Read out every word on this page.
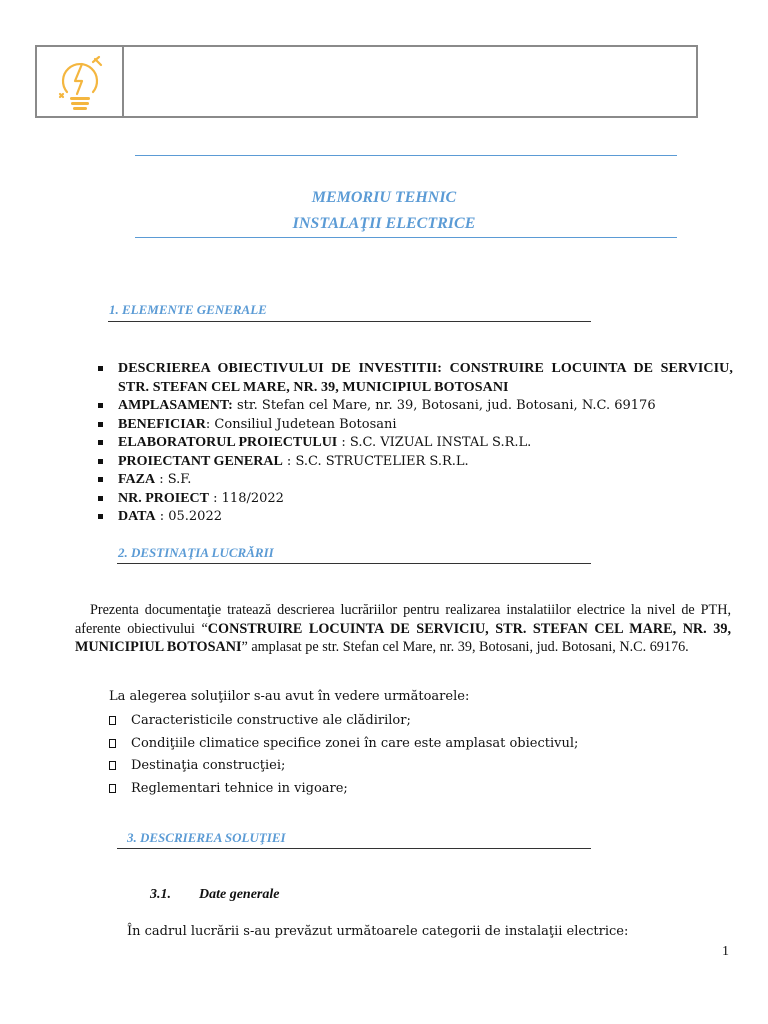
MEMORIU TEHNIC
INSTALAŢII ELECTRICE
1. ELEMENTE GENERALE
DESCRIEREA OBIECTIVULUI DE INVESTITII: CONSTRUIRE LOCUINTA DE SERVICIU, STR. STEFAN CEL MARE, NR. 39, MUNICIPIUL BOTOSANI
AMPLASAMENT: str. Stefan cel Mare, nr. 39, Botosani, jud. Botosani, N.C. 69176
BENEFICIAR: Consiliul Judetean Botosani
ELABORATORUL PROIECTULUI : S.C. VIZUAL INSTAL S.R.L.
PROIECTANT GENERAL : S.C. STRUCTELIER S.R.L.
FAZA : S.F.
NR. PROIECT : 118/2022
DATA : 05.2022
2. DESTINAŢIA LUCRĂRII
Prezenta documentaţie tratează descrierea lucrăriilor pentru realizarea instalatiilor electrice la nivel de PTH, aferente obiectivului “CONSTRUIRE LOCUINTA DE SERVICIU, STR. STEFAN CEL MARE, NR. 39, MUNICIPIUL BOTOSANI” amplasat pe str. Stefan cel Mare, nr. 39, Botosani, jud. Botosani, N.C. 69176.
La alegerea soluţiilor s-au avut în vedere următoarele:
Caracteristicile constructive ale clădirilor;
Condiţiile climatice specifice zonei în care este amplasat obiectivul;
Destinaţia construcţiei;
Reglementari tehnice in vigoare;
3. DESCRIEREA SOLUŢIEI
3.1. Date generale
În cadrul lucrării s-au prevăzut următoarele categorii de instalaţii electrice:
1
